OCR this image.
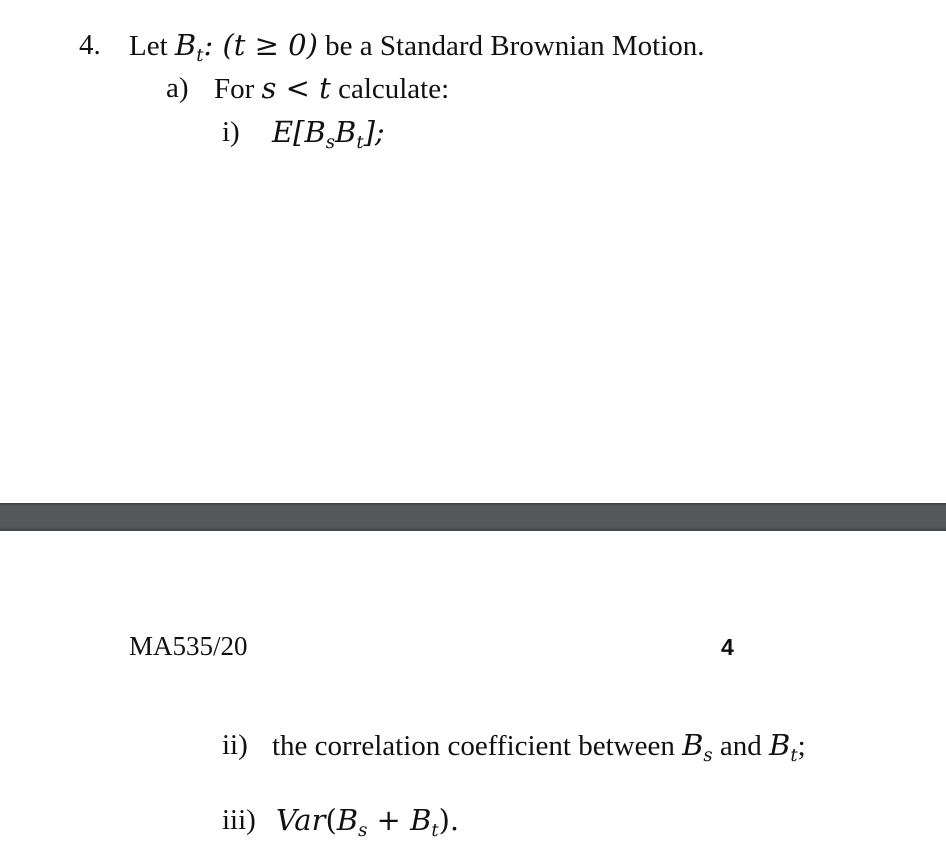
4. Let $B_t$: (t ≥ 0) be a Standard Brownian Motion.
a) For s < t calculate:
i) $E[B_sB_t]$;
MA535/20	4
ii) the correlation coefficient between $B_s$ and $B_t$;
iii) $Var(B_s + B_t)$.
